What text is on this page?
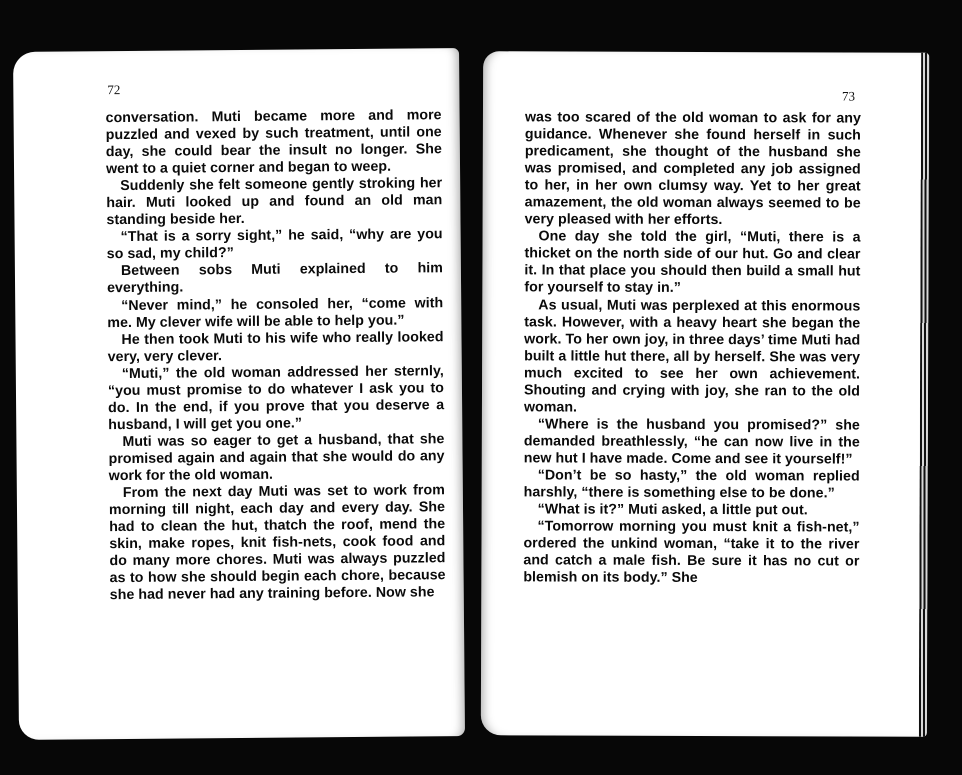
72

conversation. Muti became more and more puzzled and vexed by such treatment, until one day, she could bear the insult no longer. She went to a quiet corner and began to weep.

Suddenly she felt someone gently stroking her hair. Muti looked up and found an old man standing beside her.

“That is a sorry sight,” he said, “why are you so sad, my child?”

Between sobs Muti explained to him everything.

“Never mind,” he consoled her, “come with me. My clever wife will be able to help you.”

He then took Muti to his wife who really looked very, very clever.

“Muti,” the old woman addressed her sternly, “you must promise to do whatever I ask you to do. In the end, if you prove that you deserve a husband, I will get you one.”

Muti was so eager to get a husband, that she promised again and again that she would do any work for the old woman.

From the next day Muti was set to work from morning till night, each day and every day. She had to clean the hut, thatch the roof, mend the skin, make ropes, knit fish-nets, cook food and do many more chores. Muti was always puzzled as to how she should begin each chore, because she had never had any training before. Now she

73

was too scared of the old woman to ask for any guidance. Whenever she found herself in such predicament, she thought of the husband she was promised, and completed any job assigned to her, in her own clumsy way. Yet to her great amazement, the old woman always seemed to be very pleased with her efforts.

One day she told the girl, “Muti, there is a thicket on the north side of our hut. Go and clear it. In that place you should then build a small hut for yourself to stay in.”

As usual, Muti was perplexed at this enormous task. However, with a heavy heart she began the work. To her own joy, in three days’ time Muti had built a little hut there, all by herself. She was very much excited to see her own achievement. Shouting and crying with joy, she ran to the old woman.

“Where is the husband you promised?” she demanded breathlessly, “he can now live in the new hut I have made. Come and see it yourself!”

“Don’t be so hasty,” the old woman replied harshly, “there is something else to be done.”

“What is it?” Muti asked, a little put out.

“Tomorrow morning you must knit a fish-net,” ordered the unkind woman, “take it to the river and catch a male fish. Be sure it has no cut or blemish on its body.” She
